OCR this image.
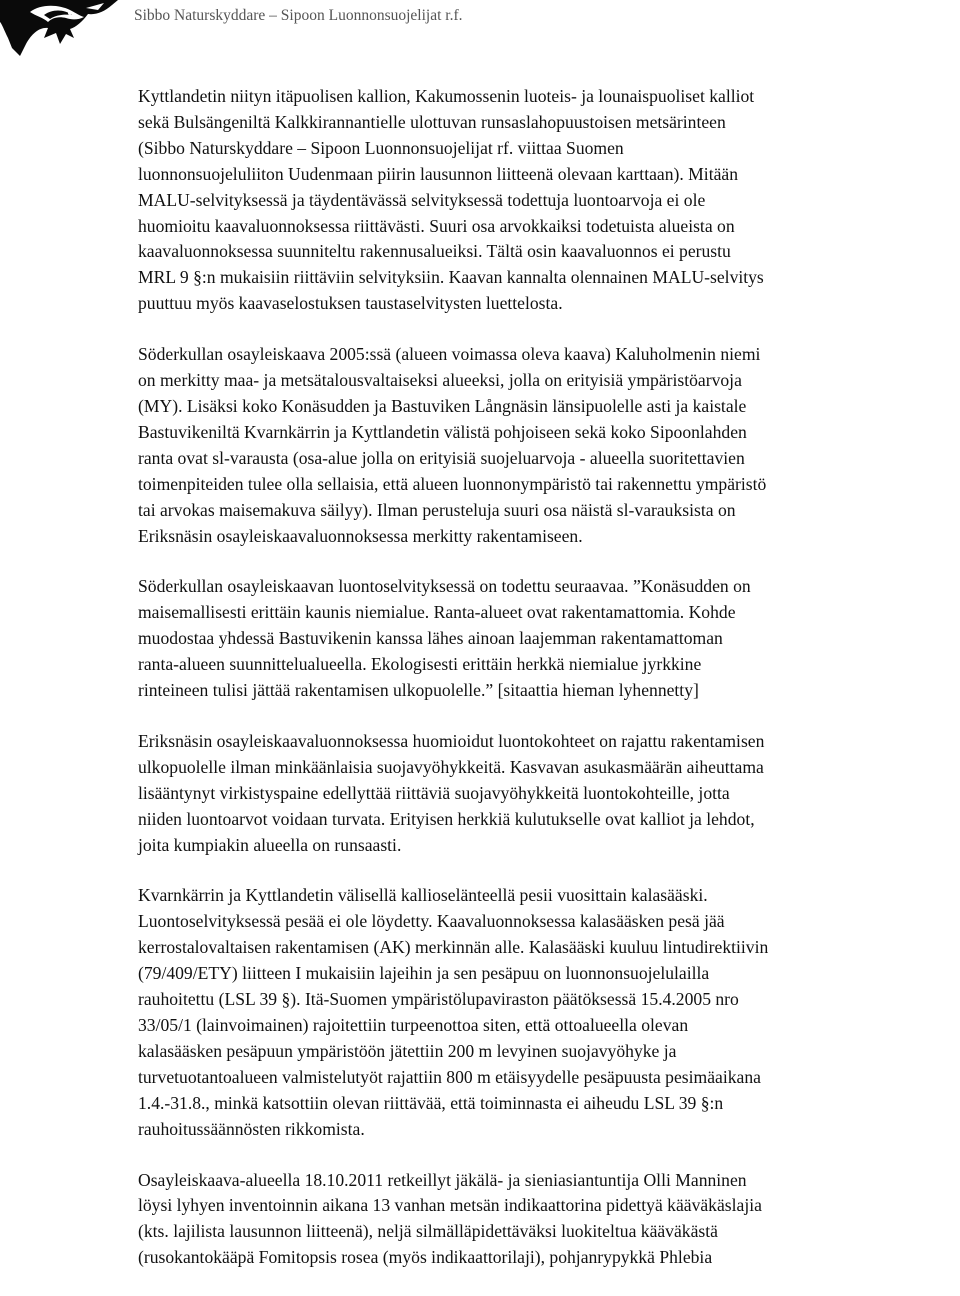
Sibbo Naturskyddare – Sipoon Luonnonsuojelijat r.f.

Kyttlandetin niityn itäpuolisen kallion, Kakumossenin luoteis- ja lounaispuoliset kalliot
sekä Bulsängeniltä Kalkkirannantielle ulottuvan runsaslahopuustoisen metsärinteen
(Sibbo Naturskyddare – Sipoon Luonnonsuojelijat rf. viittaa Suomen
luonnonsuojeluliiton Uudenmaan piirin lausunnon liitteenä olevaan karttaan). Mitään
MALU-selvityksessä ja täydentävässä selvityksessä todettuja luontoarvoja ei ole
huomioitu kaavaluonnoksessa riittävästi. Suuri osa arvokkaiksi todetuista alueista on
kaavaluonnoksessa suunniteltu rakennusalueiksi. Tältä osin kaavaluonnos ei perustu
MRL 9 §:n mukaisiin riittäviin selvityksiin. Kaavan kannalta olennainen MALU-selvitys
puuttuu myös kaavaselostuksen taustaselvitysten luettelosta.

Söderkullan osayleiskaava 2005:ssä (alueen voimassa oleva kaava) Kaluholmenin niemi
on merkitty maa- ja metsätalousvaltaiseksi alueeksi, jolla on erityisiä ympäristöarvoja
(MY). Lisäksi koko Konäsudden ja Bastuviken Långnäsin länsipuolelle asti ja kaistale
Bastuvikeniltä Kvarnkärrin ja Kyttlandetin välistä pohjoiseen sekä koko Sipoonlahden
ranta ovat sl-varausta (osa-alue jolla on erityisiä suojeluarvoja - alueella suoritettavien
toimenpiteiden tulee olla sellaisia, että alueen luonnonympäristö tai rakennettu ympäristö
tai arvokas maisemakuva säilyy). Ilman perusteluja suuri osa näistä sl-varauksista on
Eriksnäsin osayleiskaavaluonnoksessa merkitty rakentamiseen.

Söderkullan osayleiskaavan luontoselvityksessä on todettu seuraavaa. ”Konäsudden on
maisemallisesti erittäin kaunis niemialue. Ranta-alueet ovat rakentamattomia. Kohde
muodostaa yhdessä Bastuvikenin kanssa lähes ainoan laajemman rakentamattoman
ranta-alueen suunnittelualueella. Ekologisesti erittäin herkkä niemialue jyrkkine
rinteineen tulisi jättää rakentamisen ulkopuolelle.” [sitaattia hieman lyhennetty]

Eriksnäsin osayleiskaavaluonnoksessa huomioidut luontokohteet on rajattu rakentamisen
ulkopuolelle ilman minkäänlaisia suojavyöhykkeitä. Kasvavan asukasmäärän aiheuttama
lisääntynyt virkistyspaine edellyttää riittäviä suojavyöhykkeitä luontokohteille, jotta
niiden luontoarvot voidaan turvata. Erityisen herkkiä kulutukselle ovat kalliot ja lehdot,
joita kumpiakin alueella on runsaasti.

Kvarnkärrin ja Kyttlandetin välisellä kallioselänteellä pesii vuosittain kalasääski.
Luontoselvityksessä pesää ei ole löydetty. Kaavaluonnoksessa kalasääsken pesä jää
kerrostalovaltaisen rakentamisen (AK) merkinnän alle. Kalasääski kuuluu lintudirektiivin
(79/409/ETY) liitteen I mukaisiin lajeihin ja sen pesäpuu on luonnonsuojelulailla
rauhoitettu (LSL 39 §). Itä-Suomen ympäristölupaviraston päätöksessä 15.4.2005 nro
33/05/1 (lainvoimainen) rajoitettiin turpeenottoa siten, että ottoalueella olevan
kalasääsken pesäpuun ympäristöön jätettiin 200 m levyinen suojavyöhyke ja
turvetuotantoalueen valmistelutyöt rajattiin 800 m etäisyydelle pesäpuusta pesimäaikana
1.4.-31.8., minkä katsottiin olevan riittävää, että toiminnasta ei aiheudu LSL 39 §:n
rauhoitussäännösten rikkomista.

Osayleiskaava-alueella 18.10.2011 retkeillyt jäkälä- ja sieniasiantuntija Olli Manninen
löysi lyhyen inventoinnin aikana 13 vanhan metsän indikaattorina pidettyä kääväkäslajia
(kts. lajilista lausunnon liitteenä), neljä silmälläpidettäväksi luokiteltua kääväkästä
(rusokantokääpä Fomitopsis rosea (myös indikaattorilaji), pohjanrypykkä Phlebia
